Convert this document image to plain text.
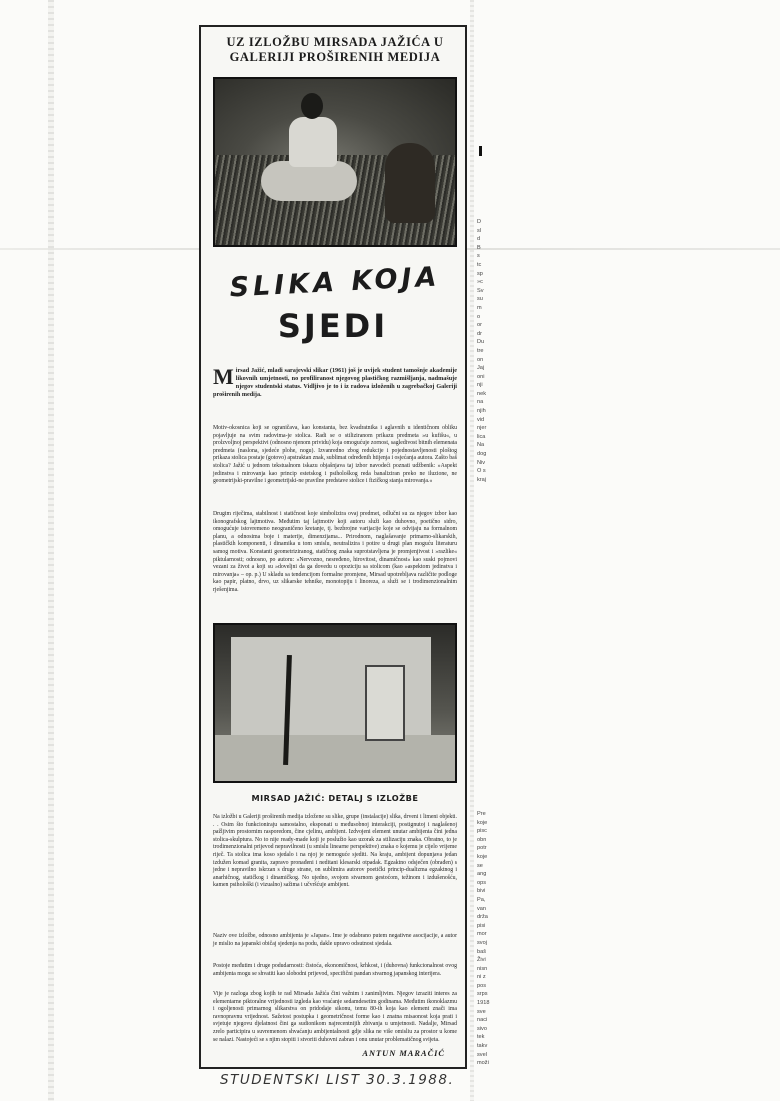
UZ IZLOŽBU MIRSADA JAŽIĆA U GALERIJI PROŠIRENIH MEDIJA
SLIKA KOJA
SJEDI
Mirsad Jažić, mladi sarajevski slikar (1961) još je uvijek student tamošnje akademije likovnih umjetnosti, no profiliranost njegovog plastičkog razmišljanja, nadmašuje njegov studentski status. Vidljivo je to i iz radova izloženih u zagrebačkoj Galeriji proširenih medija.
Motiv-okosnica koji se ograničava, kao konstanta, bez kvadratnika i aglavnih u identičnom obliku pojavljuje na svim radovima-je stolica. Radi se o stiliziranom prikazu predmeta »u kufišu«, u prolzvoljnoj perspektivi (odnosno njenom prividu) koja omogućuje zornost, sagledivost bitnih elemenata predmeta (naslona, sjedeće plohe, nogu). Izvanredno zbog redukcije i pojednostavljenosti ploštog prikaza stolica postaje (gotovo) apstraktan znak, sublimat određenih htijenja i osjećanja autora. Zašto baš stolica? Jažić u jednom tekstualnom iskazu objašnjava taj izbor navodeći poznati udžbenik: »Aspekt jedinstva i mirovanja kao princip estetskog i psihološkog reda banaliziran preko ne iluzione, ne geometrijski-pravilne i geometrijski-ne pravilne predstave stolice i fizičkog stanja mirovanja.«
Drugim riječima, stabilnost i statičnost koje simbolizira ovaj predmet, odlučni su za njegov izbor kao ikonografskog lajtmotiva. Međutim taj lajtmotiv koji autoru služi kao duhovno, poetično sidro, omogućuje istovremeno neograničeno kretanje, tj. bezbrojne varijacije koje se odvijaju na formalnom planu, a odnosima boje i materije, dimenzijama... Prirodnom, naglašavanje primarno-slikarskih, plastičkih komponenti, i dinamika u tom smislu, neutralizira i potire u drugi plan moguću literaturu samog motiva. Konstanti geometriziranog, statičnog znaka suprotstavljena je promjenjivost i »razlike« piktularnosti; odnosno, po autoru: »Nervozno, nesređeno, hirovitost, dinamičnost« kao suski pojmovi vezani za život a koji su »doveljni da ga dovedu u opoziciju sa stolicom (kao »aspektom jedinstva i mirovanja« – op. p.) U skladu sa tendencijom formalne promjene, Mirsad upotrebljava različite podloge kao papir, platno, drvo, uz slikarske tehnike, monotopiju i linoreza, a služi se i trodimenzionalnim rješenjima.
MIRSAD JAŽIĆ: DETALJ S IZLOŽBE
Na izložbi u Galeriji proširenih medija izložene su slike, grupe (instalacije) slika, drveni i limeni objekti. . . Osim što funkcioniraju samostalno, eksponati u međusobnoj interakciji, postignutoj i naglašenoj pažljivim prostornim rasporedom, čine cjelinu, ambijent. Izdvojeni element unutar ambijenta čini jedna stolica-skulptura. No to nije ready-made koji je poslužio kao uzorak za stilizaciju znaka. Obratno, to je trodimenzionalni prijevod nepravilnosti (u smislu linearne perspektive) znaka o kojemu je cijelo vrijeme riječ. Ta stolica ima koso sjedalo i na njoj je nemoguće sjediti. Na kraju, ambijent dopunjava jedan izdužen komad granita, zapravo pronađeni i neditani klesarski otpadak. Egzaktno odsječen (obrađen) s jedne i nepravilno iskrzan s druge strane, on sublimira autorov poetički princip-dualizma egzaktnog i anarhičnog, statičkog i dinamičkog. No ujedno, svojom stvarnom gestoćom, težinom i izdušenošću, kamen psihološki (i vizualno) sažima i učvršćuje ambijent.
Naziv ove izložbe, odnosno ambijenta je »Japan«. Ime je odabrano putem negativne asocijacije, a autor je mislio na japanski običaj sjedenja na podu, dakle upravo odsutnost sjedala.
Postoje međutim i druge podudarnosti: čistoća, ekonomičnost, krhkost, i (duhovna) funkcionalnost ovog ambijenta mogu se shvatiti kao slobodni prijevod, specifični pandan stvarnog japanskog interijera.
Vije je razloga zbog kojih te rad Mirsada Jažića čini važnim i zanimljivim. Njegov izraziti interes za elementarne piktoralne vrijednosti izgleda kao vraćanje sedamdesetim godinama. Međutim ikonoklazmu i ogoljenosti primarnog slikarstva on pridodaje sikonu, temu 80-ih koja kao element znači ima ravnopravnu vrijednost. Sažetost postupka i geometričnost forme kao i znatna misaonost koja prati i svjetuje njegovu djelatnost čini ga sudionikom najrecentnijih zbivanja u umjetnosti. Nadalje, Mirsad zrelo participira u suvremenom shvaćanju ambijentalnosti gdje slika ne više omisliu za prostor u kome se nalazi. Nastojeći se s njim stopiti i stvoriti duhovni zabran i onu unutar problematičnog svijeta.
ANTUN MARAČIĆ
D
sl
d
B
s
tc
sp
»c
Sv
su
m
o
or
dr
Du
tre
on
Jaj
oni
nji
nek
na
njih
vid
njer
lica
Na
dog
Niv
O s
kraj
Pre
koje
pisc
obn
potr
koje
se
ang
ops
bivi
Pa,
van
drža
pisi
mor
svoj
baš
Živi
nisn
ni z
pos
srps
1918
sve
naci
sivo
tek
takv
svel
moži
STUDENTSKI LIST 30.3.1988.
